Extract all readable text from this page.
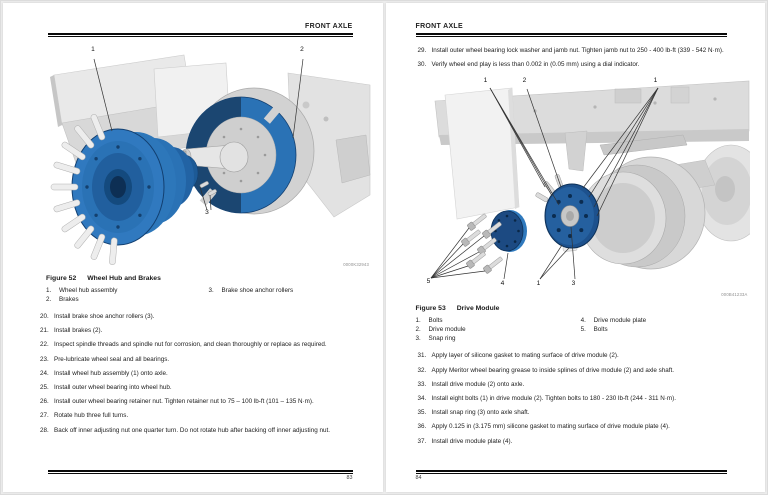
FRONT AXLE
1	2
3
0000K32943
Figure 52 Wheel Hub and Brakes
1.	Wheel hub assembly
2.	Brakes
3.	Brake shoe anchor rollers
20. Install brake shoe anchor rollers (3).
21. Install brakes (2).
22. Inspect spindle threads and spindle nut for corrosion, and clean thoroughly or replace as required.
23. Pre-lubricate wheel seal and all bearings.
24. Install wheel hub assembly (1) onto axle.
25. Install outer wheel bearing into wheel hub.
26. Install outer wheel bearing retainer nut. Tighten retainer nut to 75 – 100 lb-ft (101 – 135 N·m).
27. Rotate hub three full turns.
28. Back off inner adjusting nut one quarter turn. Do not rotate hub after backing off inner adjusting nut.
83
FRONT AXLE
29. Install outer wheel bearing lock washer and jamb nut. Tighten jamb nut to 250 - 400 lb-ft (339 - 542 N·m).
30. Verify wheel end play is less than 0.002 in (0.05 mm) using a dial indicator.
1	2	1
5	4	1	3
000B41233A
Figure 53 Drive Module
1.	Bolts
2.	Drive module
3.	Snap ring
4.	Drive module plate
5.	Bolts
31. Apply layer of silicone gasket to mating surface of drive module (2).
32. Apply Meritor wheel bearing grease to inside splines of drive module (2) and axle shaft.
33. Install drive module (2) onto axle.
34. Install eight bolts (1) in drive module (2). Tighten bolts to 180 - 230 lb-ft (244 - 311 N·m).
35. Install snap ring (3) onto axle shaft.
36. Apply 0.125 in (3.175 mm) silicone gasket to mating surface of drive module plate (4).
37. Install drive module plate (4).
84
